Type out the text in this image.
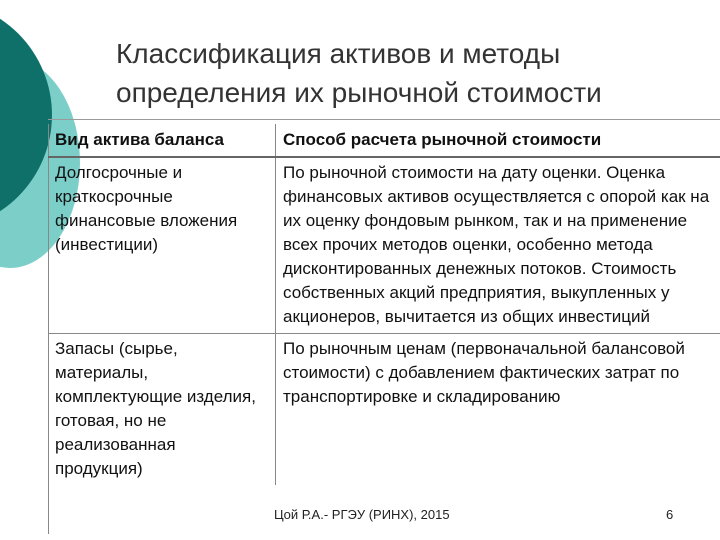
Классификация активов и методы
определения их рыночной стоимости
Вид актива баланса	Способ расчета рыночной стоимости
Долгосрочные и краткосрочные финансовые вложения (инвестиции)	По рыночной стоимости на дату оценки. Оценка финансовых активов осуществляется с опорой как на их оценку фондовым рынком, так и на применение всех прочих методов оценки, особенно метода дисконтированных денежных потоков. Стоимость собственных акций предприятия, выкупленных у акционеров, вычитается из общих инвестиций
Запасы (сырье, материалы, комплектующие изделия, готовая, но не реализованная продукция)	По рыночным ценам (первоначальной балансовой стоимости) с добавлением фактических затрат по транспортировке и складированию
Цой Р.А.- РГЭУ (РИНХ), 2015	6
